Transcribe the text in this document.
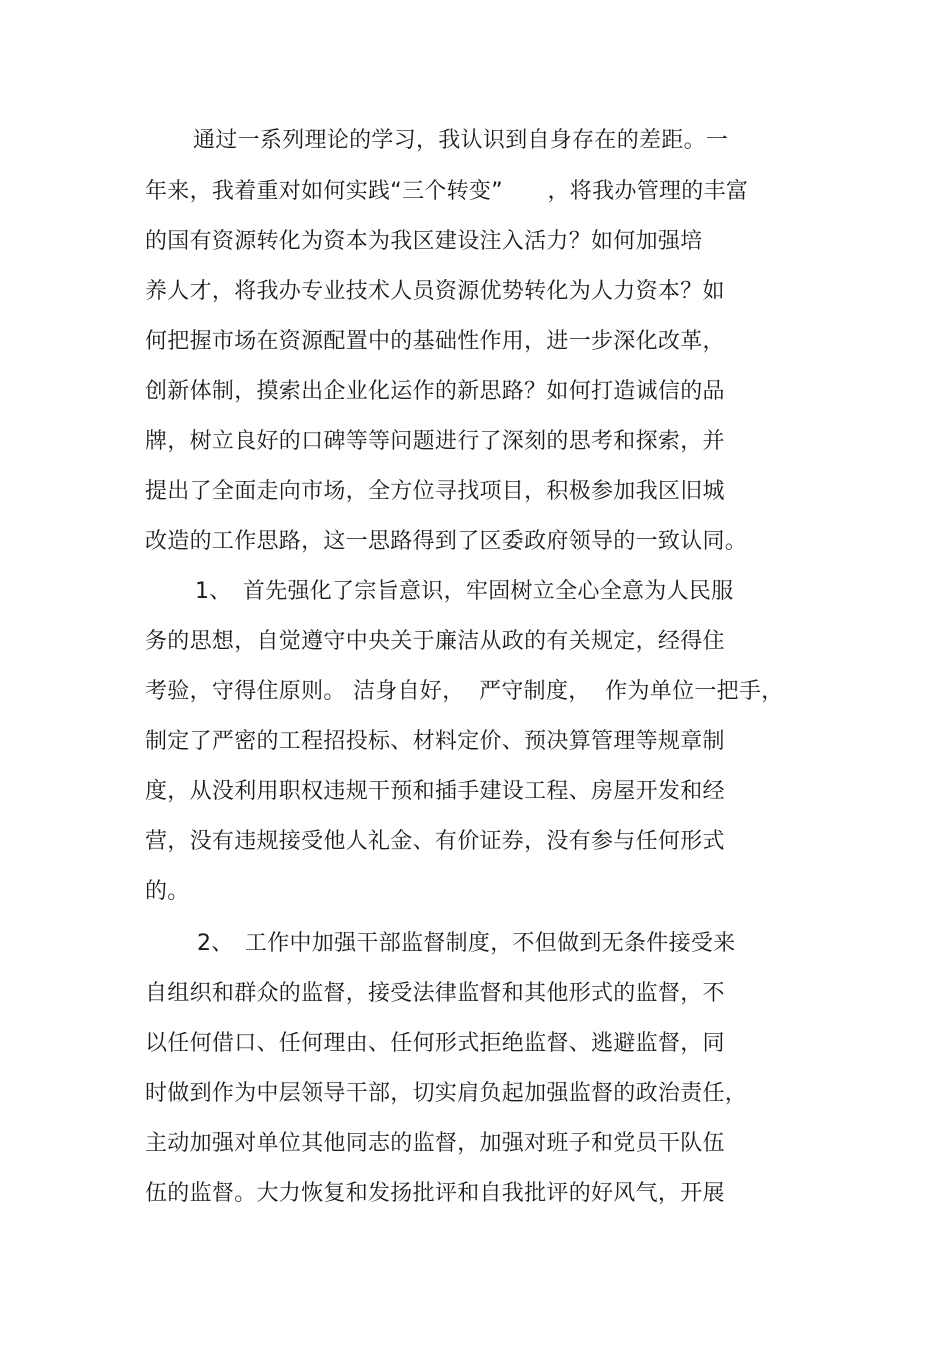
通过一系列理论的学习，我认识到自身存在的差距。一
年来，我着重对如何实践“三个转变”　　，将我办管理的丰富
的国有资源转化为资本为我区建设注入活力？如何加强培
养人才，将我办专业技术人员资源优势转化为人力资本？如
何把握市场在资源配置中的基础性作用，进一步深化改革，
创新体制，摸索出企业化运作的新思路？如何打造诚信的品
牌，树立良好的口碑等等问题进行了深刻的思考和探索，并
提出了全面走向市场，全方位寻找项目，积极参加我区旧城
改造的工作思路，这一思路得到了区委政府领导的一致认同。
1、　首先强化了宗旨意识，牢固树立全心全意为人民服
务的思想，自觉遵守中央关于廉洁从政的有关规定，经得住
考验，守得住原则。 洁身自好，  严守制度，  作为单位一把手，
制定了严密的工程招投标、材料定价、预决算管理等规章制
度，从没利用职权违规干预和插手建设工程、房屋开发和经
营，没有违规接受他人礼金、有价证券，没有参与任何形式
的。
2、　工作中加强干部监督制度，不但做到无条件接受来
自组织和群众的监督，接受法律监督和其他形式的监督，不
以任何借口、任何理由、任何形式拒绝监督、逃避监督，同
时做到作为中层领导干部，切实肩负起加强监督的政治责任，
主动加强对单位其他同志的监督，加强对班子和党员干队伍
伍的监督。大力恢复和发扬批评和自我批评的好风气，开展
